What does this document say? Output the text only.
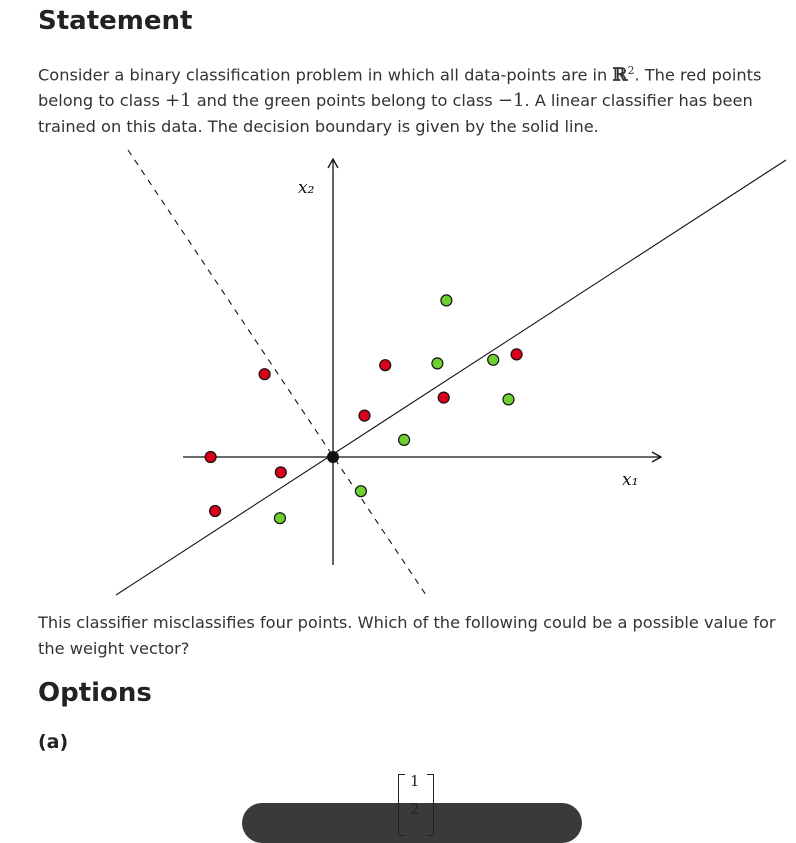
Statement

Consider a binary classification problem in which all data-points are in ℝ$^2$. The red points belong to class +1 and the green points belong to class −1. A linear classifier has been trained on this data. The decision boundary is given by the solid line.

x₂
x₁

This classifier misclassifies four points. Which of the following could be a possible value for the weight vector?

Options
(a)
1
2
